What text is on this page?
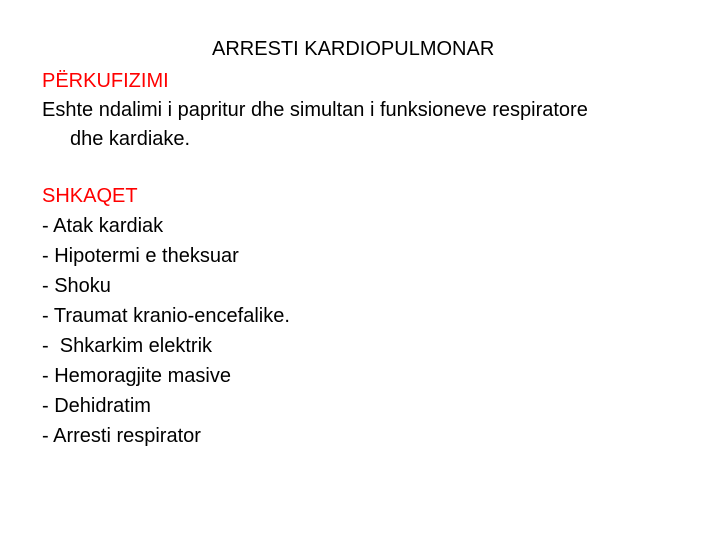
ARRESTI KARDIOPULMONAR
PËRKUFIZIMI
Eshte ndalimi i papritur dhe simultan i funksioneve respiratore
dhe kardiake.
SHKAQET
- Atak kardiak
- Hipotermi e theksuar
- Shoku
- Traumat kranio-encefalike.
-  Shkarkim elektrik
- Hemoragjite masive
- Dehidratim
- Arresti respirator
